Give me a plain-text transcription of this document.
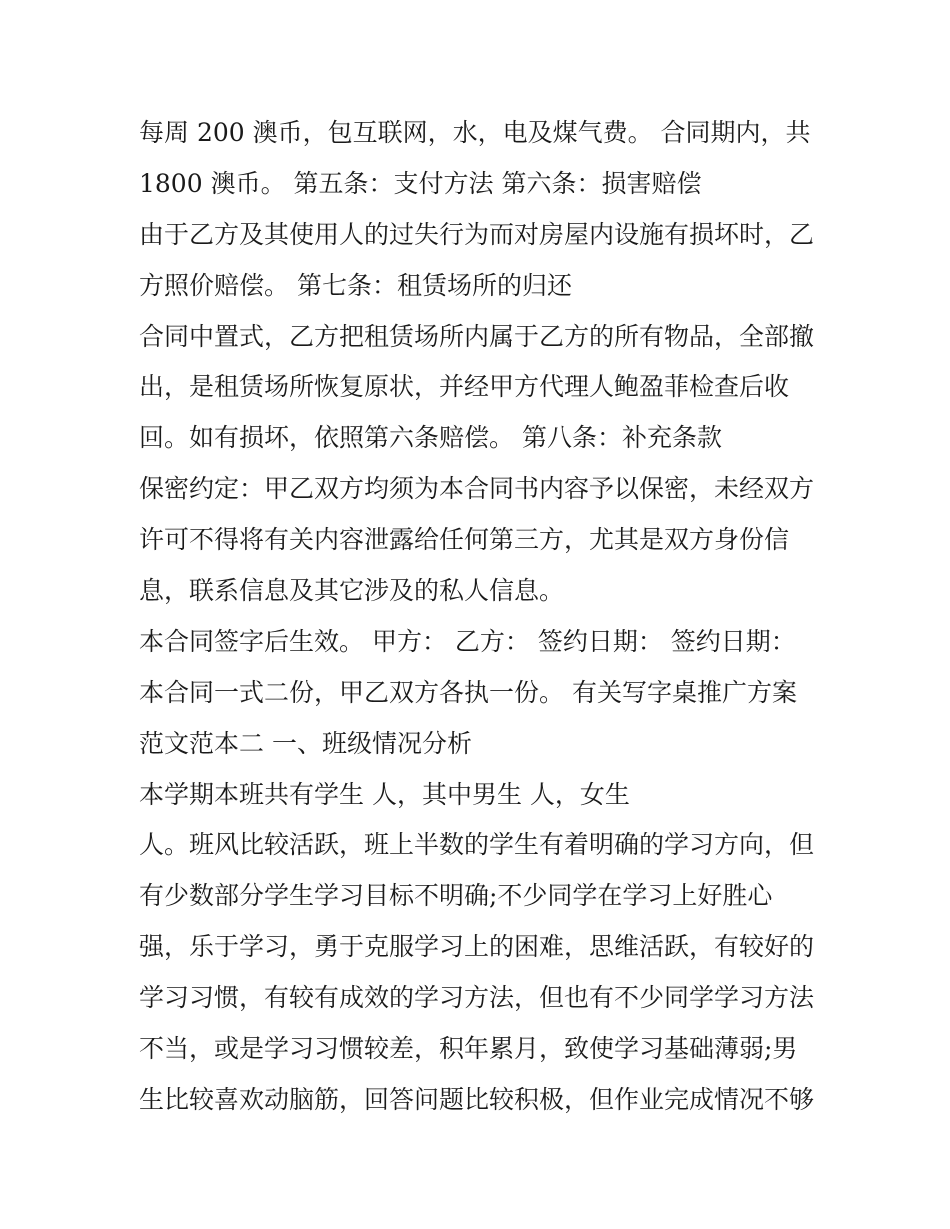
每周 200 澳币，包互联网，水，电及煤气费。 合同期内，共
1800 澳币。 第五条：支付方法 第六条：损害赔偿
由于乙方及其使用人的过失行为而对房屋内设施有损坏时，乙
方照价赔偿。 第七条：租赁场所的归还
合同中置式，乙方把租赁场所内属于乙方的所有物品，全部撤
出，是租赁场所恢复原状，并经甲方代理人鲍盈菲检查后收
回。如有损坏，依照第六条赔偿。 第八条：补充条款
保密约定：甲乙双方均须为本合同书内容予以保密，未经双方
许可不得将有关内容泄露给任何第三方，尤其是双方身份信
息，联系信息及其它涉及的私人信息。
本合同签字后生效。 甲方： 乙方： 签约日期： 签约日期：
本合同一式二份，甲乙双方各执一份。 有关写字桌推广方案
范文范本二 一、班级情况分析
本学期本班共有学生 人，其中男生 人，女生
人。班风比较活跃，班上半数的学生有着明确的学习方向，但
有少数部分学生学习目标不明确;不少同学在学习上好胜心
强，乐于学习，勇于克服学习上的困难，思维活跃，有较好的
学习习惯，有较有成效的学习方法，但也有不少同学学习方法
不当，或是学习习惯较差，积年累月，致使学习基础薄弱;男
生比较喜欢动脑筋，回答问题比较积极，但作业完成情况不够
